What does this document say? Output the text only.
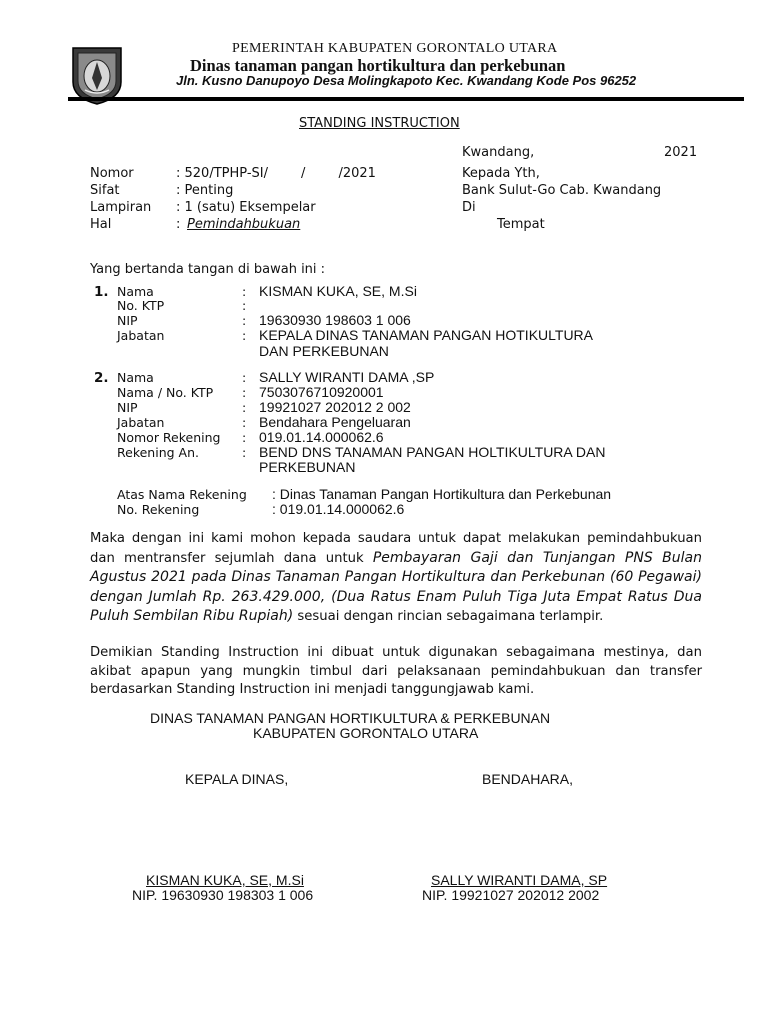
PEMERINTAH KABUPATEN GORONTALO UTARA
Dinas tanaman pangan hortikultura dan perkebunan
Jln. Kusno Danupoyo Desa Molingkapoto Kec. Kwandang Kode Pos 96252
STANDING INSTRUCTION
Kwandang,	2021
Nomor	: 520/TPHP-SI/        /        /2021
Sifat	: Penting
Lampiran : 1 (satu) Eksempelar
Hal	: Pemindahbukuan
Kepada Yth,
Bank Sulut-Go Cab. Kwandang
Di
Tempat
Yang bertanda tangan di bawah ini :
1. Nama	: KISMAN KUKA, SE, M.Si
No. KTP	:
NIP	: 19630930 198603 1 006
Jabatan	: KEPALA DINAS TANAMAN PANGAN HOTIKULTURA
DAN PERKEBUNAN
2. Nama	: SALLY WIRANTI DAMA ,SP
Nama / No. KTP : 7503076710920001
NIP	: 19921027 202012 2 002
Jabatan	: Bendahara Pengeluaran
Nomor Rekening : 019.01.14.000062.6
Rekening An.	: BEND DNS TANAMAN PANGAN HOLTIKULTURA DAN
PERKEBUNAN
Atas Nama Rekening : Dinas Tanaman Pangan Hortikultura dan Perkebunan
No. Rekening	: 019.01.14.000062.6
Maka dengan ini kami mohon kepada saudara untuk dapat melakukan pemindahbukuan dan mentransfer sejumlah dana untuk Pembayaran Gaji dan Tunjangan PNS Bulan Agustus 2021 pada Dinas Tanaman Pangan Hortikultura dan Perkebunan (60 Pegawai) dengan Jumlah Rp. 263.429.000, (Dua Ratus Enam Puluh Tiga Juta Empat Ratus Dua Puluh Sembilan Ribu Rupiah) sesuai dengan rincian sebagaimana terlampir.
Demikian Standing Instruction ini dibuat untuk digunakan sebagaimana mestinya, dan akibat apapun yang mungkin timbul dari pelaksanaan pemindahbukuan dan transfer berdasarkan Standing Instruction ini menjadi tanggungjawab kami.
DINAS TANAMAN PANGAN HORTIKULTURA & PERKEBUNAN
KABUPATEN GORONTALO UTARA
KEPALA DINAS,	BENDAHARA,
KISMAN KUKA, SE, M.Si
NIP. 19630930 198303 1 006
SALLY WIRANTI DAMA, SP
NIP. 19921027 202012 2002
